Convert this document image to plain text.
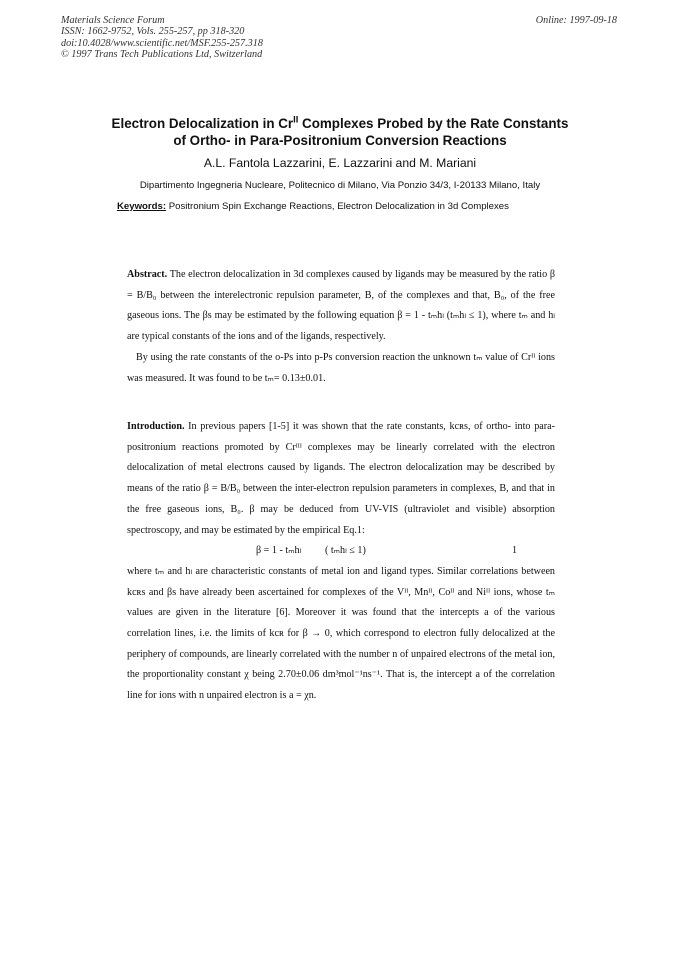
Materials Science Forum
ISSN: 1662-9752, Vols. 255-257, pp 318-320
doi:10.4028/www.scientific.net/MSF.255-257.318
© 1997 Trans Tech Publications Ltd, Switzerland
Online: 1997-09-18
Electron Delocalization in $Cr^{II}$ Complexes Probed by the Rate Constants
of Ortho- in Para-Positronium Conversion Reactions
A.L. Fantola Lazzarini, E. Lazzarini and M. Mariani
Dipartimento Ingegneria Nucleare, Politecnico di Milano, Via Ponzio 34/3, I-20133 Milano, Italy
Keywords: Positronium Spin Exchange Reactions, Electron Delocalization in 3d Complexes

Abstract. The electron delocalization in 3d complexes caused by ligands may be measured by the ratio β = B/B₀ between the interelectronic repulsion parameter, B, of the complexes and that, B₀, of the free gaseous ions. The βs may be estimated by the following equation β = 1 - tₘhₗ (tₘhₗ ≤ 1), where tₘ and hₗ are typical constants of the ions and of the ligands, respectively.

By using the rate constants of the o-Ps into p-Ps conversion reaction the unknown tₘ value of Crᴵᴵ ions was measured. It was found to be tₘ= 0.13±0.01.

Introduction. In previous papers [1-5] it was shown that the rate constants, kcʀs, of ortho- into para-positronium reactions promoted by Crᴵᴵᴵ complexes may be linearly correlated with the electron delocalization of metal electrons caused by ligands. The electron delocalization may be described by means of the ratio β = B/B₀ between the inter-electron repulsion parameters in complexes, B, and that in the free gaseous ions, B₀. β may be deduced from UV-VIS (ultraviolet and visible) absorption spectroscopy, and may be estimated by the empirical Eq.1:

β = 1 - tₘhₗ ( tₘhₗ ≤ 1)	1

where tₘ and hₗ are characteristic constants of metal ion and ligand types. Similar correlations between kcʀs and βs have already been ascertained for complexes of the Vᴵᴵ, Mnᴵᴵ, Coᴵᴵ and Niᴵᴵ ions, whose tₘ values are given in the literature [6]. Moreover it was found that the intercepts a of the various correlation lines, i.e. the limits of kcʀ for β → 0, which correspond to electron fully delocalized at the periphery of compounds, are linearly correlated with the number n of unpaired electrons of the metal ion, the proportionality constant χ being 2.70±0.06 dm³mol⁻¹ns⁻¹. That is, the intercept a of the correlation line for ions with n unpaired electron is a = χn.
